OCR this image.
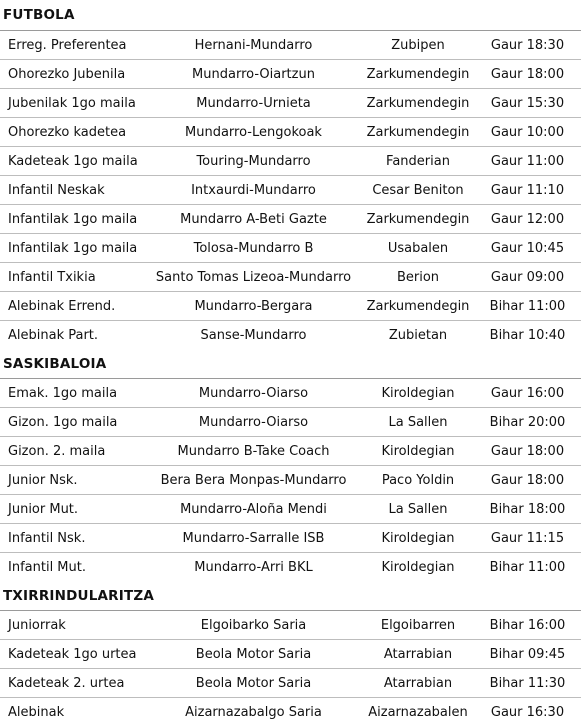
FUTBOLA
Erreg. Preferentea	Hernani-Mundarro	Zubipen	Gaur 18:30
Ohorezko Jubenila	Mundarro-Oiartzun	Zarkumendegin	Gaur 18:00
Jubenilak 1go maila	Mundarro-Urnieta	Zarkumendegin	Gaur 15:30
Ohorezko kadetea	Mundarro-Lengokoak	Zarkumendegin	Gaur 10:00
Kadeteak 1go maila	Touring-Mundarro	Fanderian	Gaur 11:00
Infantil Neskak	Intxaurdi-Mundarro	Cesar Beniton	Gaur 11:10
Infantilak 1go maila	Mundarro A-Beti Gazte	Zarkumendegin	Gaur 12:00
Infantilak 1go maila	Tolosa-Mundarro B	Usabalen	Gaur 10:45
Infantil Txikia	Santo Tomas Lizeoa-Mundarro	Berion	Gaur 09:00
Alebinak Errend.	Mundarro-Bergara	Zarkumendegin	Bihar 11:00
Alebinak Part.	Sanse-Mundarro	Zubietan	Bihar 10:40
SASKIBALOIA
Emak. 1go maila	Mundarro-Oiarso	Kiroldegian	Gaur 16:00
Gizon. 1go maila	Mundarro-Oiarso	La Sallen	Bihar 20:00
Gizon. 2. maila	Mundarro B-Take Coach	Kiroldegian	Gaur 18:00
Junior Nsk.	Bera Bera Monpas-Mundarro	Paco Yoldin	Gaur 18:00
Junior Mut.	Mundarro-Aloña Mendi	La Sallen	Bihar 18:00
Infantil Nsk.	Mundarro-Sarralle ISB	Kiroldegian	Gaur 11:15
Infantil Mut.	Mundarro-Arri BKL	Kiroldegian	Bihar 11:00
TXIRRINDULARITZA
Juniorrak	Elgoibarko Saria	Elgoibarren	Bihar 16:00
Kadeteak 1go urtea	Beola Motor Saria	Atarrabian	Bihar 09:45
Kadeteak 2. urtea	Beola Motor Saria	Atarrabian	Bihar 11:30
Alebinak	Aizarnazabalgo Saria	Aizarnazabalen	Gaur 16:30
